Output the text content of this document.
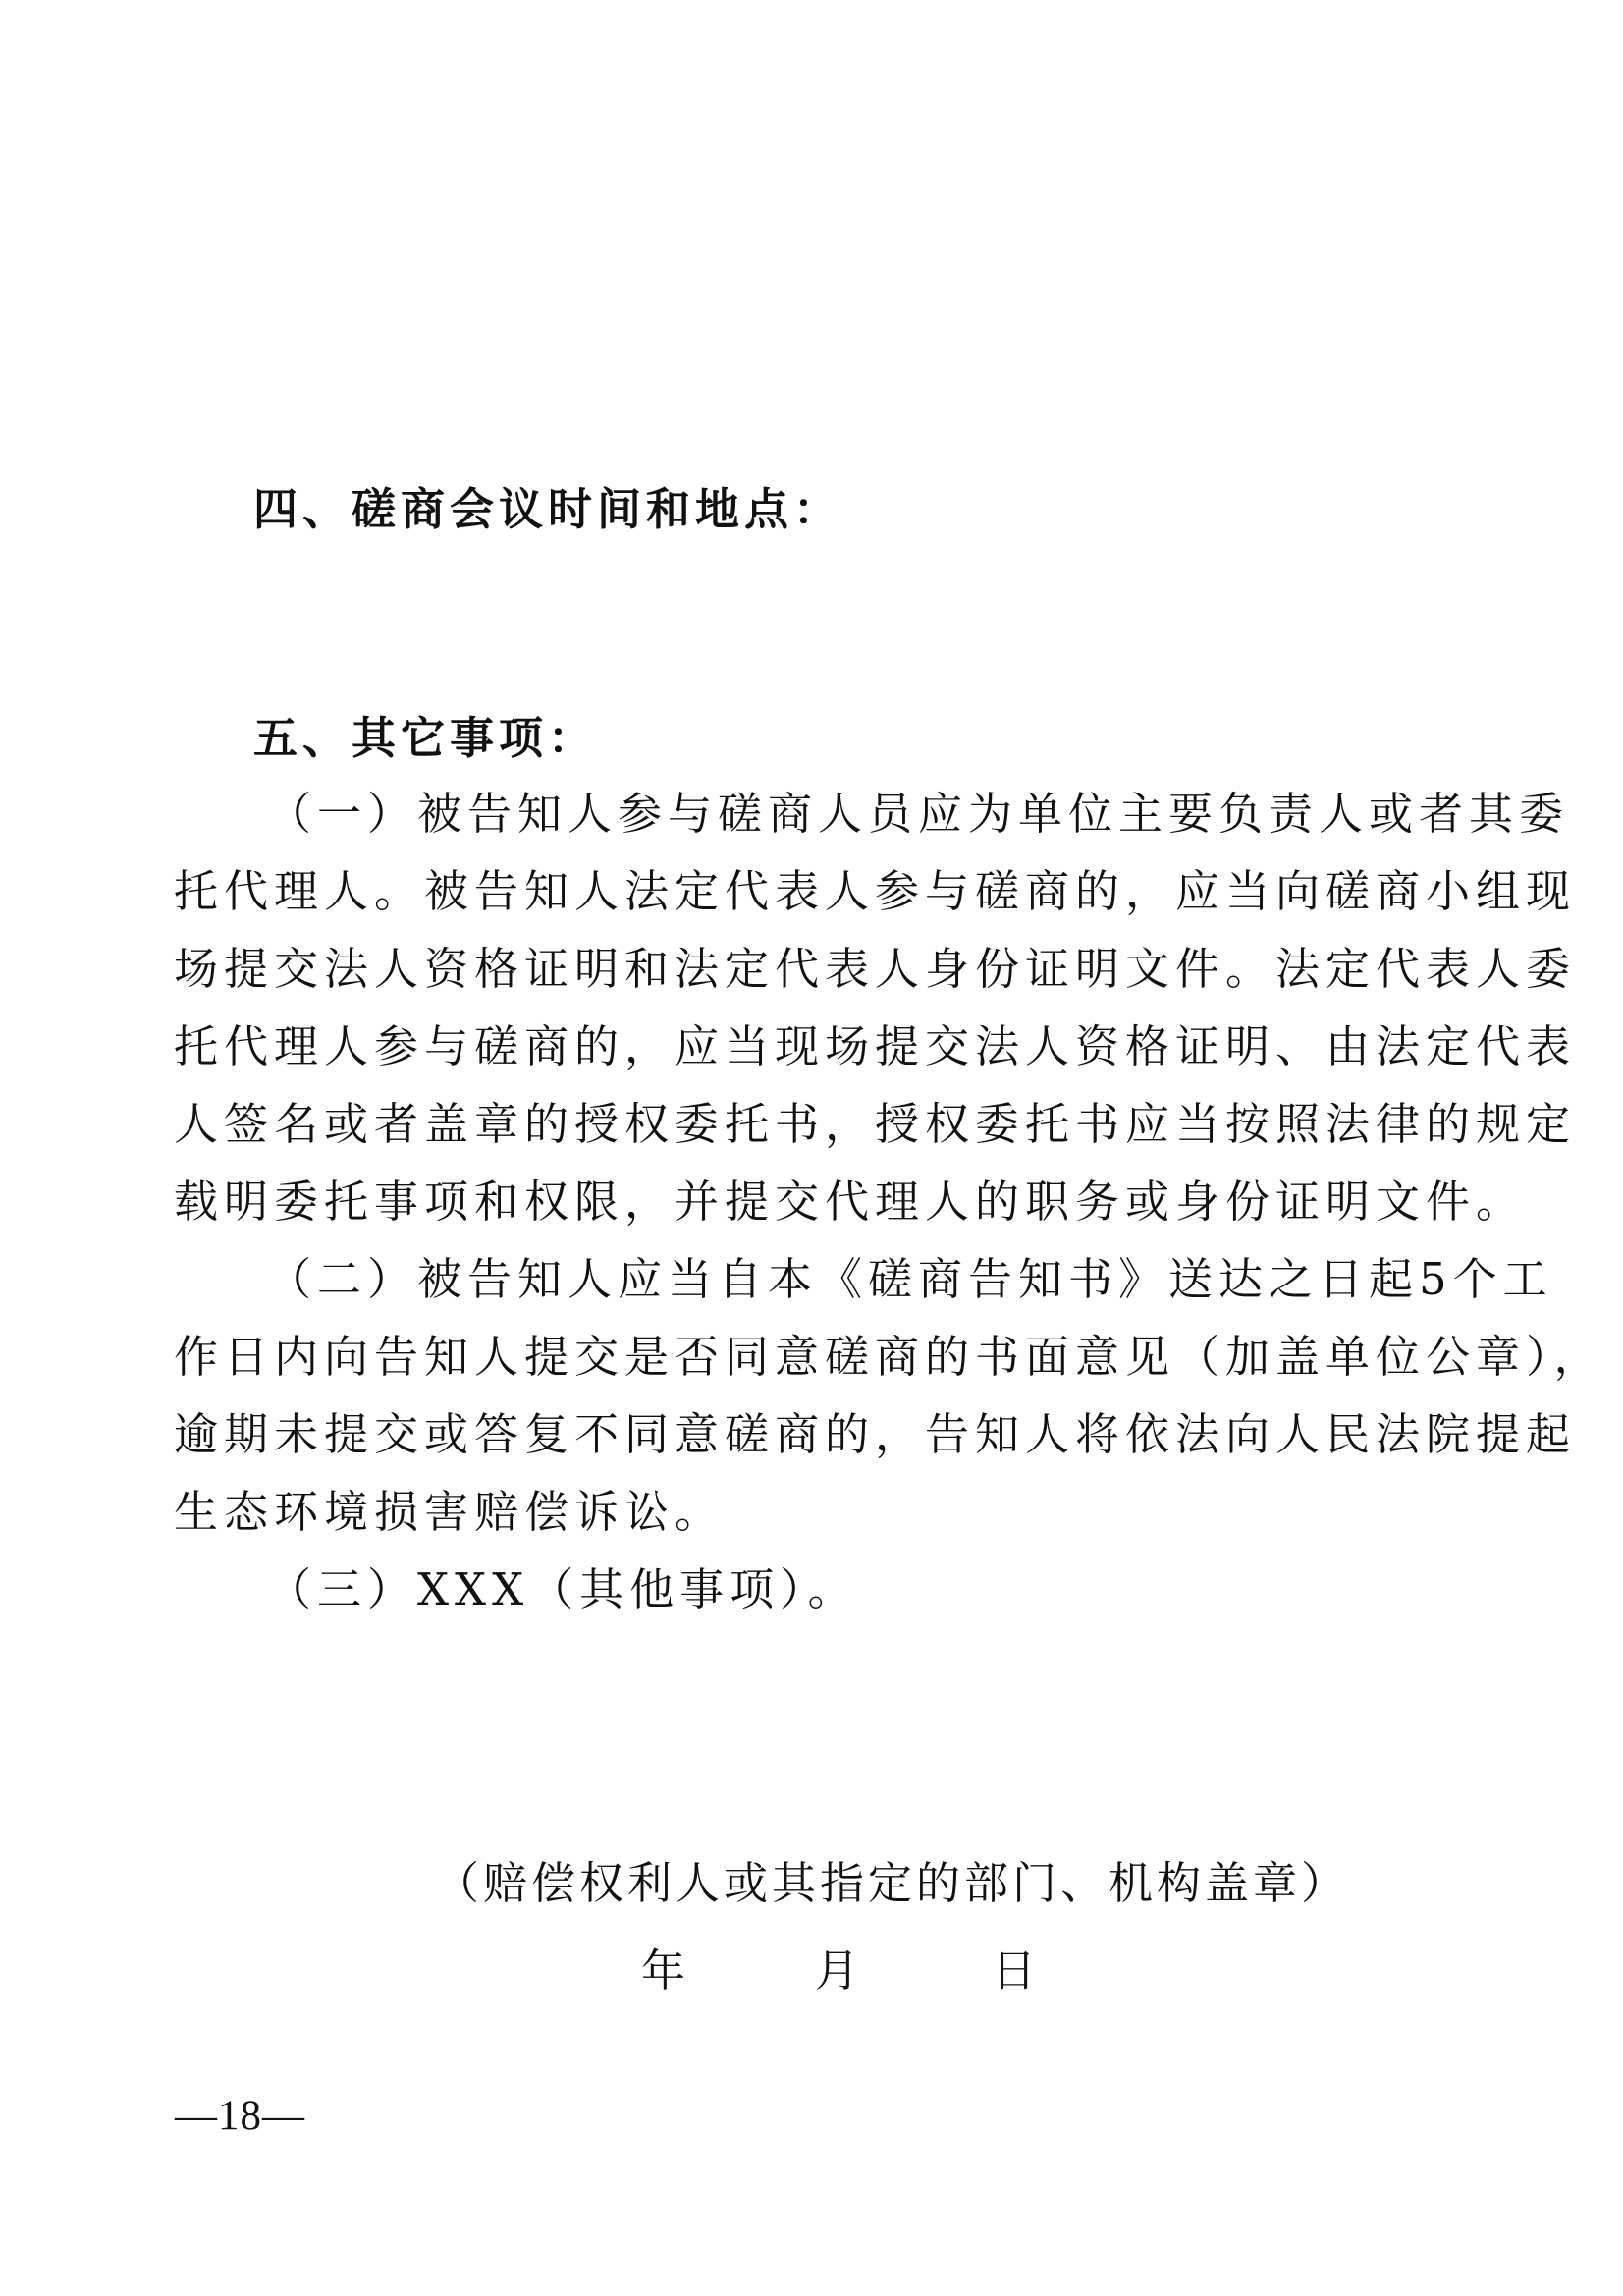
四、磋商会议时间和地点：
五、其它事项：
（一）被告知人参与磋商人员应为单位主要负责人或者其委
托代理人。被告知人法定代表人参与磋商的，应当向磋商小组现
场提交法人资格证明和法定代表人身份证明文件。法定代表人委
托代理人参与磋商的，应当现场提交法人资格证明、由法定代表
人签名或者盖章的授权委托书，授权委托书应当按照法律的规定
载明委托事项和权限，并提交代理人的职务或身份证明文件。
（二）被告知人应当自本《磋商告知书》送达之日起5个工
作日内向告知人提交是否同意磋商的书面意见（加盖单位公章），
逾期未提交或答复不同意磋商的，告知人将依法向人民法院提起
生态环境损害赔偿诉讼。
（三）XXX（其他事项）。
（赔偿权利人或其指定的部门、机构盖章）
年	月	日
—18—
